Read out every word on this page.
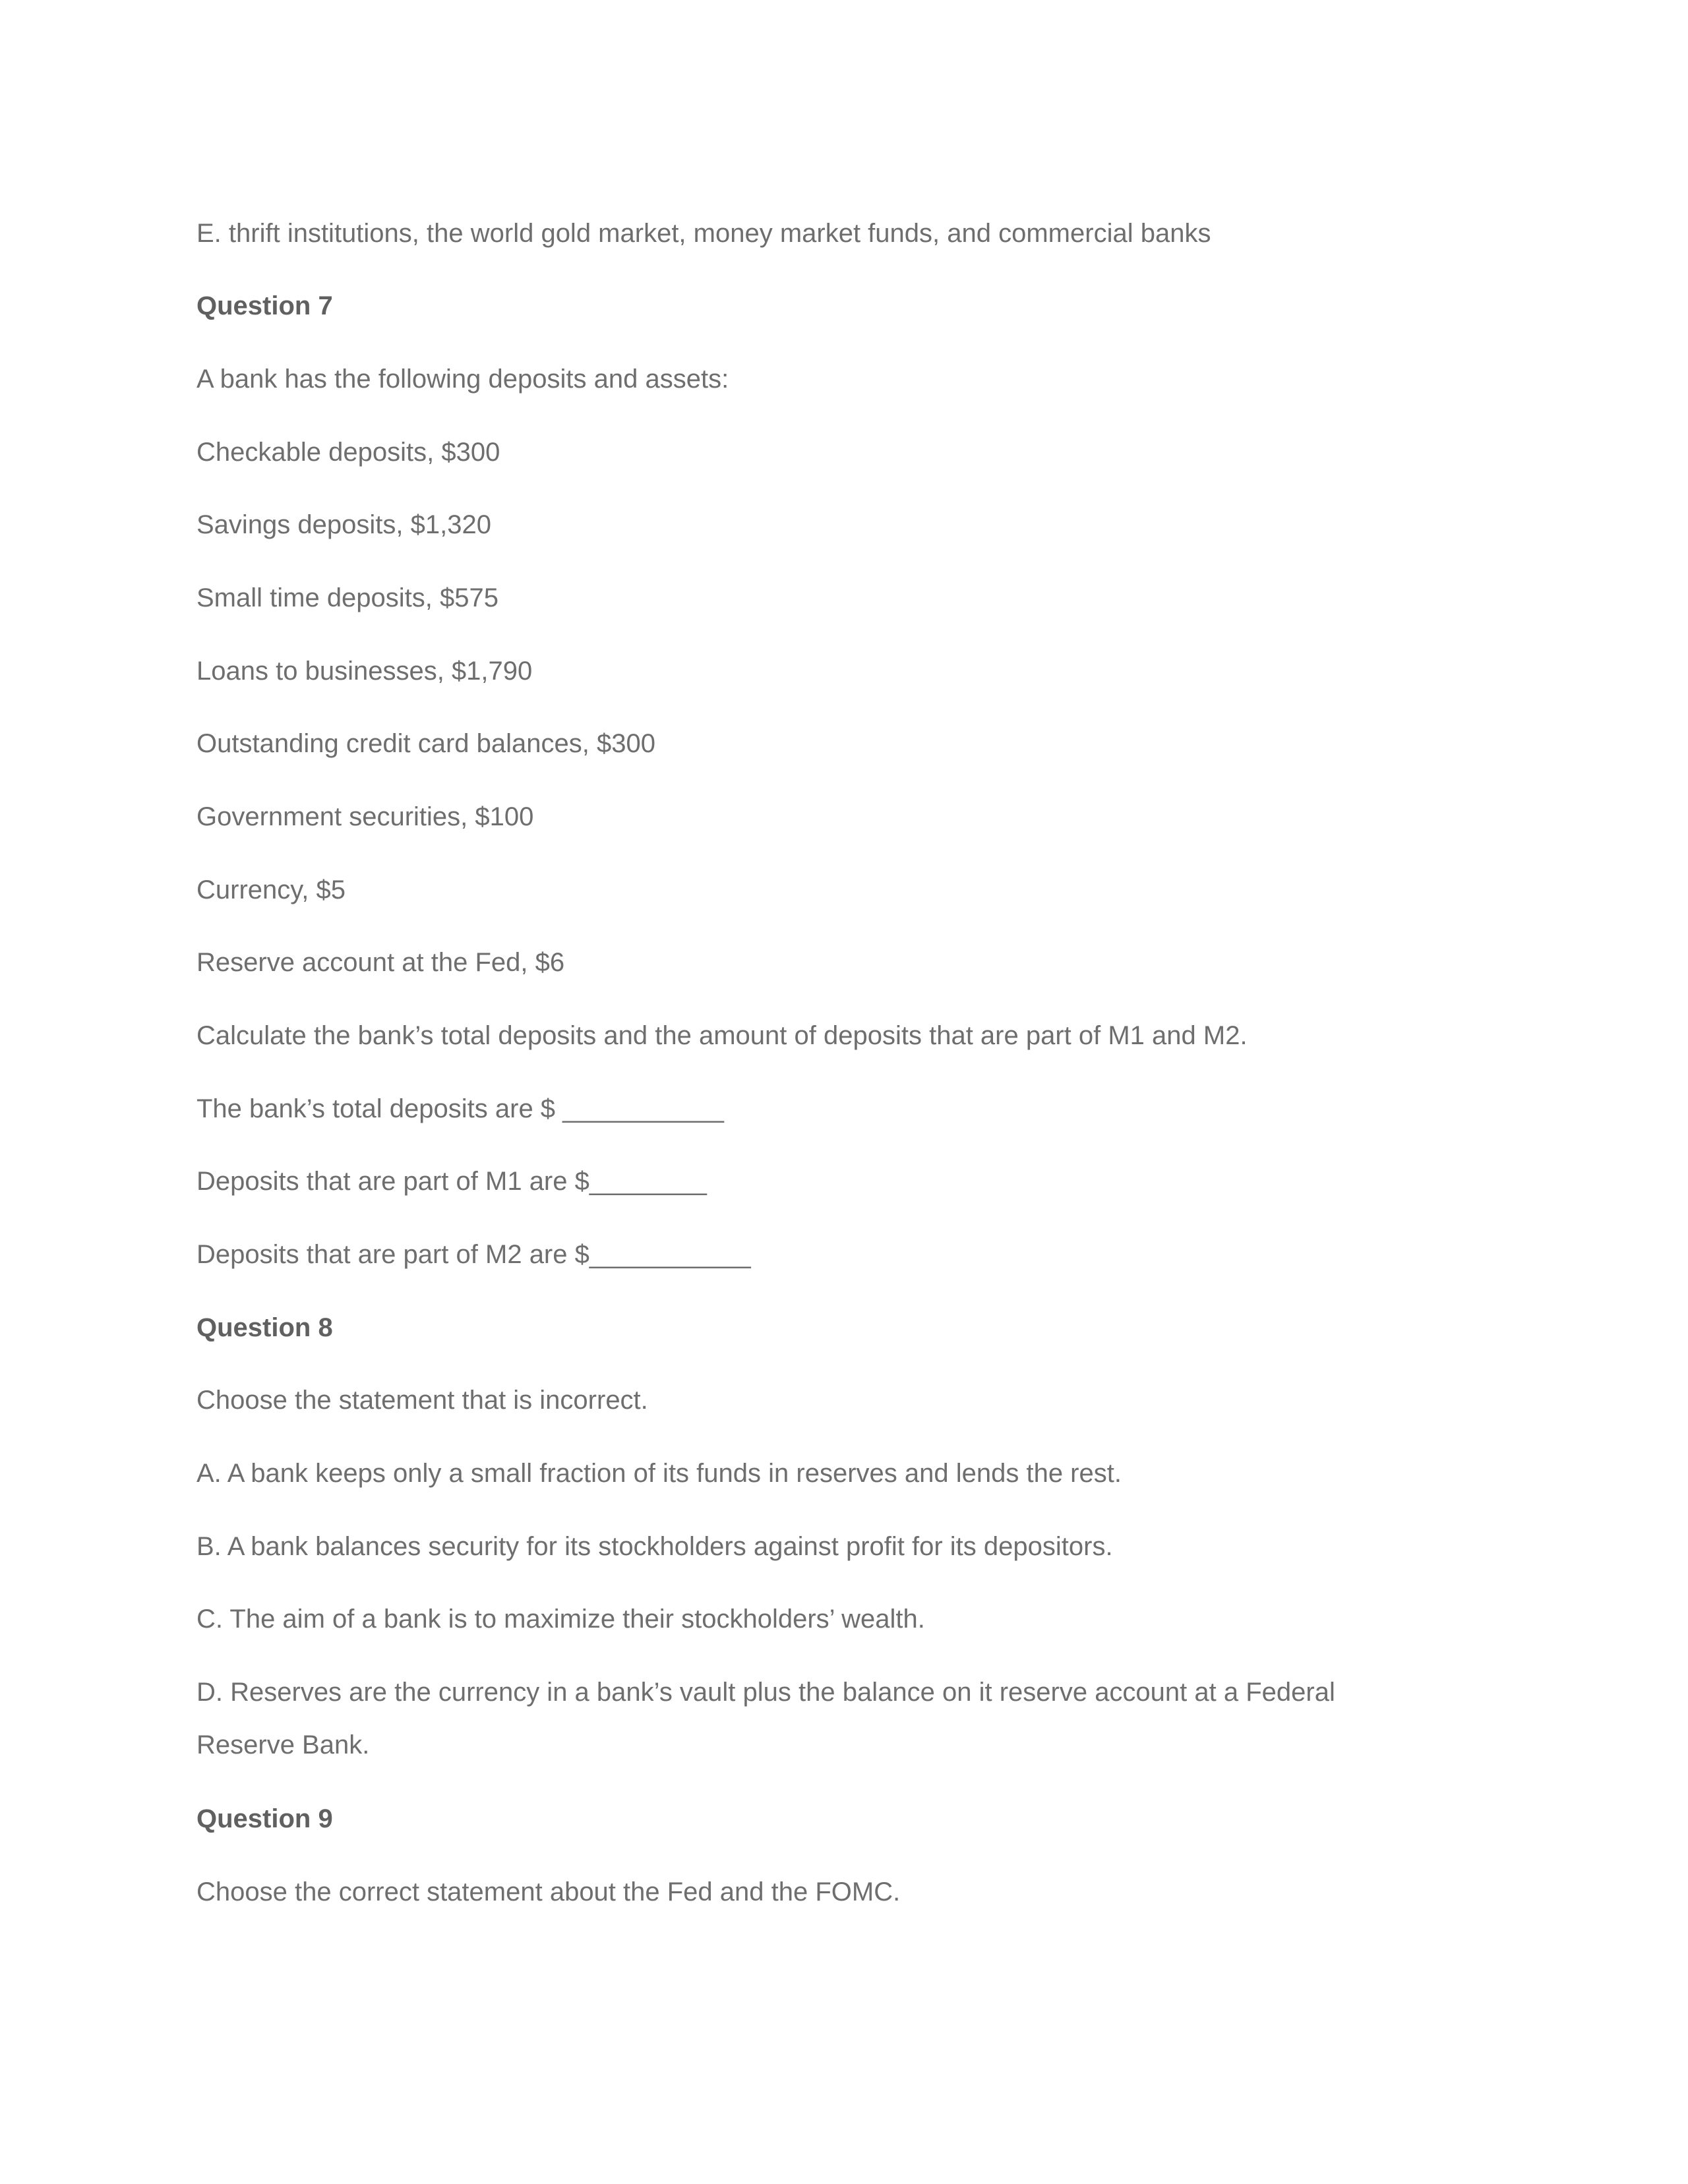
E. thrift institutions, the world gold market, money market funds, and commercial banks

Question 7

A bank has the following deposits and assets:

Checkable deposits, $300

Savings deposits, $1,320

Small time deposits, $575

Loans to businesses, $1,790

Outstanding credit card balances, $300

Government securities, $100

Currency, $5

Reserve account at the Fed, $6

Calculate the bank’s total deposits and the amount of deposits that are part of M1 and M2.

The bank’s total deposits are $ ___________

Deposits that are part of M1 are $________

Deposits that are part of M2 are $___________

Question 8

Choose the statement that is incorrect.

A. A bank keeps only a small fraction of its funds in reserves and lends the rest.

B. A bank balances security for its stockholders against profit for its depositors.

C. The aim of a bank is to maximize their stockholders’ wealth.

D. Reserves are the currency in a bank’s vault plus the balance on it reserve account at a Federal

Reserve Bank.

Question 9

Choose the correct statement about the Fed and the FOMC.
